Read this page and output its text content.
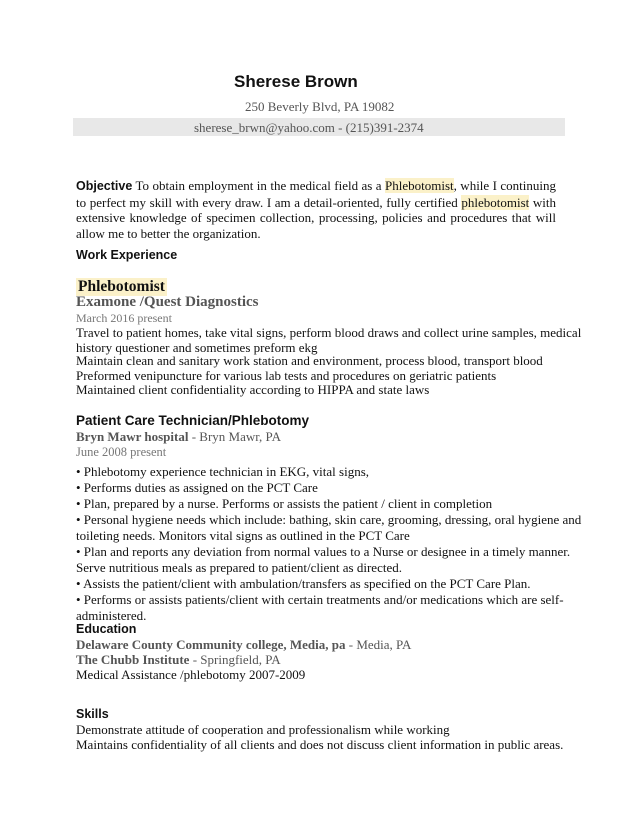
Sherese Brown
250 Beverly Blvd, PA 19082
sherese_brwn@yahoo.com - (215)391-2374
Objective To obtain employment in the medical field as a Phlebotomist, while I continuing to perfect my skill with every draw. I am a detail-oriented, fully certified phlebotomist with extensive knowledge of specimen collection, processing, policies and procedures that will allow me to better the organization.
Work Experience
Phlebotomist
Examone /Quest Diagnostics
March 2016 present
Travel to patient homes, take vital signs, perform blood draws and collect urine samples, medical
history questioner and sometimes preform ekg
Maintain clean and sanitary work station and environment, process blood, transport blood
Preformed venipuncture for various lab tests and procedures on geriatric patients
Maintained client confidentiality according to HIPPA and state laws
Patient Care Technician/Phlebotomy
Bryn Mawr hospital - Bryn Mawr, PA
June 2008 present
• Phlebotomy experience technician in EKG, vital signs,
• Performs duties as assigned on the PCT Care
• Plan, prepared by a nurse. Performs or assists the patient / client in completion
• Personal hygiene needs which include: bathing, skin care, grooming, dressing, oral hygiene and
toileting needs. Monitors vital signs as outlined in the PCT Care
• Plan and reports any deviation from normal values to a Nurse or designee in a timely manner.
Serve nutritious meals as prepared to patient/client as directed.
• Assists the patient/client with ambulation/transfers as specified on the PCT Care Plan.
• Performs or assists patients/client with certain treatments and/or medications which are self-
administered.
Education
Delaware County Community college, Media, pa - Media, PA
The Chubb Institute - Springfield, PA
Medical Assistance /phlebotomy 2007-2009
Skills
Demonstrate attitude of cooperation and professionalism while working
Maintains confidentiality of all clients and does not discuss client information in public areas.
